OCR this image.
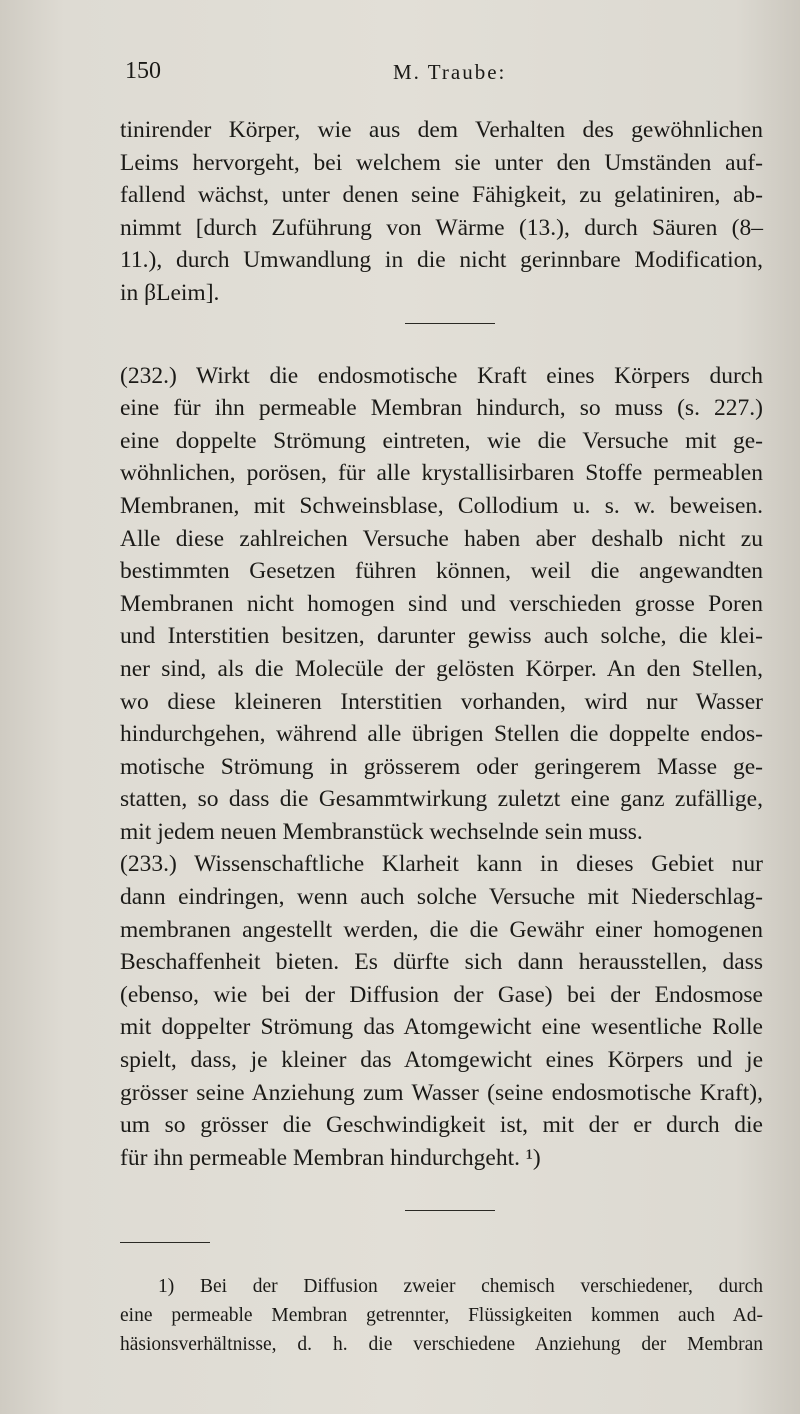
150	M. Traube:
tinirender Körper, wie aus dem Verhalten des gewöhnlichen
Leims hervorgeht, bei welchem sie unter den Umständen auf-
fallend wächst, unter denen seine Fähigkeit, zu gelatiniren, ab-
nimmt [durch Zuführung von Wärme (13.), durch Säuren (8–
11.), durch Umwandlung in die nicht gerinnbare Modification,
in βLeim].
(232.) Wirkt die endosmotische Kraft eines Körpers durch
eine für ihn permeable Membran hindurch, so muss (s. 227.)
eine doppelte Strömung eintreten, wie die Versuche mit ge-
wöhnlichen, porösen, für alle krystallisirbaren Stoffe permeablen
Membranen, mit Schweinsblase, Collodium u. s. w. beweisen.
Alle diese zahlreichen Versuche haben aber deshalb nicht zu
bestimmten Gesetzen führen können, weil die angewandten
Membranen nicht homogen sind und verschieden grosse Poren
und Interstitien besitzen, darunter gewiss auch solche, die klei-
ner sind, als die Molecüle der gelösten Körper. An den Stellen,
wo diese kleineren Interstitien vorhanden, wird nur Wasser
hindurchgehen, während alle übrigen Stellen die doppelte endos-
motische Strömung in grösserem oder geringerem Masse ge-
statten, so dass die Gesammtwirkung zuletzt eine ganz zufällige,
mit jedem neuen Membranstück wechselnde sein muss.
(233.) Wissenschaftliche Klarheit kann in dieses Gebiet nur
dann eindringen, wenn auch solche Versuche mit Niederschlag-
membranen angestellt werden, die die Gewähr einer homogenen
Beschaffenheit bieten. Es dürfte sich dann herausstellen, dass
(ebenso, wie bei der Diffusion der Gase) bei der Endosmose
mit doppelter Strömung das Atomgewicht eine wesentliche Rolle
spielt, dass, je kleiner das Atomgewicht eines Körpers und je
grösser seine Anziehung zum Wasser (seine endosmotische Kraft),
um so grösser die Geschwindigkeit ist, mit der er durch die
für ihn permeable Membran hindurchgeht. ¹)
1) Bei der Diffusion zweier chemisch verschiedener, durch
eine permeable Membran getrennter, Flüssigkeiten kommen auch Ad-
häsionsverhältnisse, d. h. die verschiedene Anziehung der Membran
